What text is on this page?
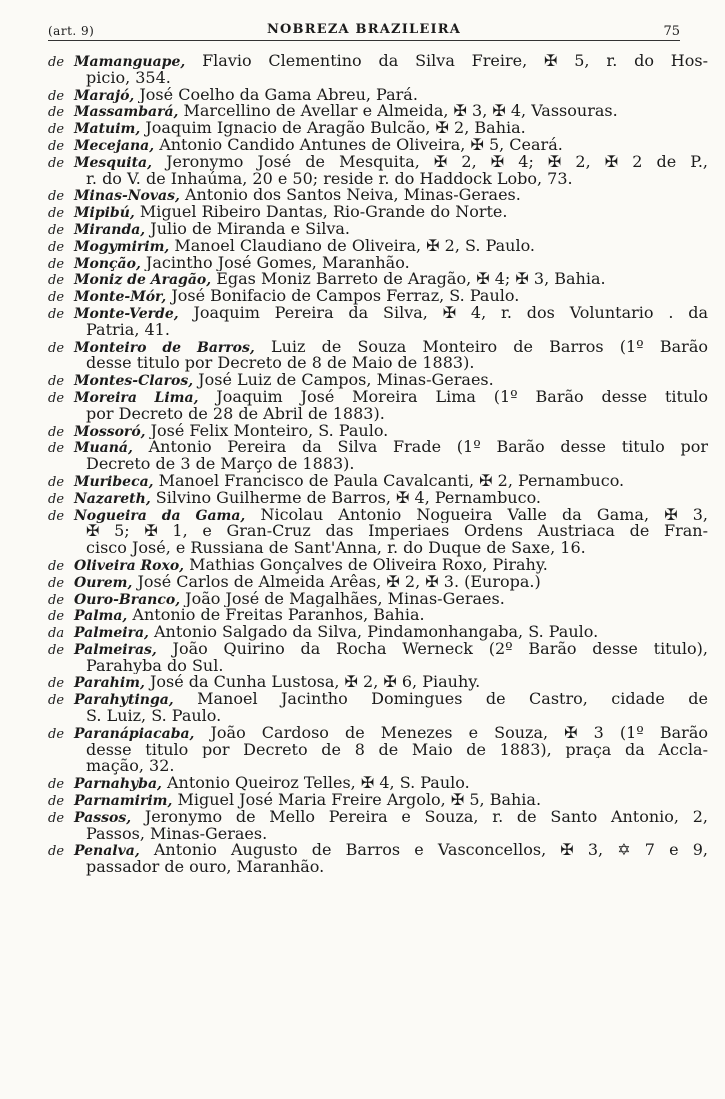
(art. 9)	NOBREZA BRAZILEIRA	75
de Mamanguape, Flavio Clementino da Silva Freire, ✠ 5, r. do Hos-
picio, 354.
de Marajó, José Coelho da Gama Abreu, Pará.
de Massambará, Marcellino de Avellar e Almeida, ✠ 3, ✠ 4, Vassouras.
de Matuim, Joaquim Ignacio de Aragão Bulcão, ✠ 2, Bahia.
de Mecejana, Antonio Candido Antunes de Oliveira, ✠ 5, Ceará.
de Mesquita, Jeronymo José de Mesquita, ✠ 2, ✠ 4; ✠ 2, ✠ 2 de P.,
r. do V. de Inhaúma, 20 e 50; reside r. do Haddock Lobo, 73.
de Minas-Novas, Antonio dos Santos Neiva, Minas-Geraes.
de Mipibú, Miguel Ribeiro Dantas, Rio-Grande do Norte.
de Miranda, Julio de Miranda e Silva.
de Mogymirim, Manoel Claudiano de Oliveira, ✠ 2, S. Paulo.
de Monção, Jacintho José Gomes, Maranhão.
de Moniz de Aragão, Egas Moniz Barreto de Aragão, ✠ 4; ✠ 3, Bahia.
de Monte-Mór, José Bonifacio de Campos Ferraz, S. Paulo.
de Monte-Verde, Joaquim Pereira da Silva, ✠ 4, r. dos Voluntario . da
Patria, 41.
de Monteiro de Barros, Luiz de Souza Monteiro de Barros (1º Barão
desse titulo por Decreto de 8 de Maio de 1883).
de Montes-Claros, José Luiz de Campos, Minas-Geraes.
de Moreira Lima, Joaquim José Moreira Lima (1º Barão desse titulo
por Decreto de 28 de Abril de 1883).
de Mossoró, José Felix Monteiro, S. Paulo.
de Muaná, Antonio Pereira da Silva Frade (1º Barão desse titulo por
Decreto de 3 de Março de 1883).
de Muribeca, Manoel Francisco de Paula Cavalcanti, ✠ 2, Pernambuco.
de Nazareth, Silvino Guilherme de Barros, ✠ 4, Pernambuco.
de Nogueira da Gama, Nicolau Antonio Nogueira Valle da Gama, ✠ 3,
✠ 5; ✠ 1, e Gran-Cruz das Imperiaes Ordens Austriaca de Fran-
cisco José, e Russiana de Sant'Anna, r. do Duque de Saxe, 16.
de Oliveira Roxo, Mathias Gonçalves de Oliveira Roxo, Pirahy.
de Ourem, José Carlos de Almeida Arêas, ✠ 2, ✠ 3. (Europa.)
de Ouro-Branco, João José de Magalhães, Minas-Geraes.
de Palma, Antonio de Freitas Paranhos, Bahia.
da Palmeira, Antonio Salgado da Silva, Pindamonhangaba, S. Paulo.
de Palmeiras, João Quirino da Rocha Werneck (2º Barão desse titulo),
Parahyba do Sul.
de Parahim, José da Cunha Lustosa, ✠ 2, ✠ 6, Piauhy.
de Parahytinga, Manoel Jacintho Domingues de Castro, cidade de
S. Luiz, S. Paulo.
de Paranápiacaba, João Cardoso de Menezes e Souza, ✠ 3 (1º Barão
desse titulo por Decreto de 8 de Maio de 1883), praça da Accla-
mação, 32.
de Parnahyba, Antonio Queiroz Telles, ✠ 4, S. Paulo.
de Parnamirim, Miguel José Maria Freire Argolo, ✠ 5, Bahia.
de Passos, Jeronymo de Mello Pereira e Souza, r. de Santo Antonio, 2,
Passos, Minas-Geraes.
de Penalva, Antonio Augusto de Barros e Vasconcellos, ✠ 3, ✡ 7 e 9,
passador de ouro, Maranhão.
